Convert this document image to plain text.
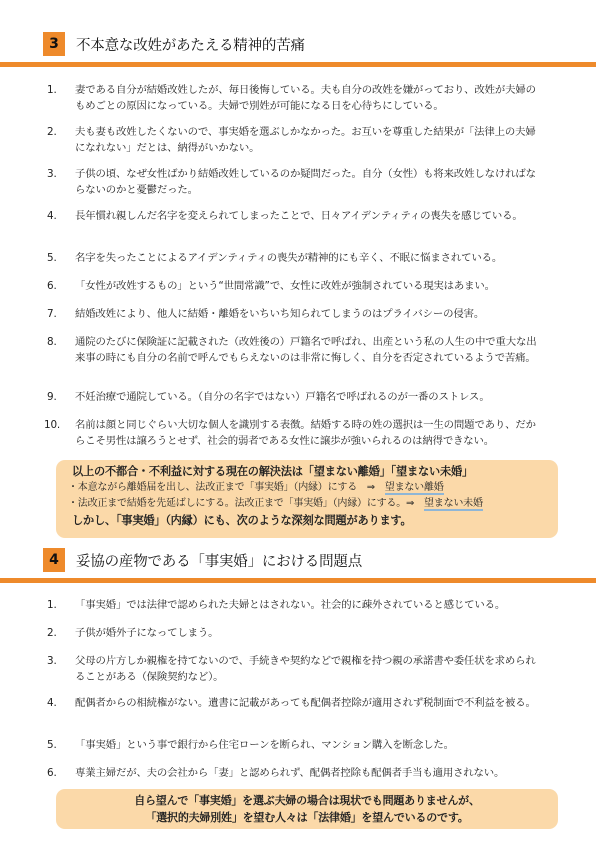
3	不本意な改姓があたえる精神的苦痛
1. 妻である自分が結婚改姓したが、毎日後悔している。夫も自分の改姓を嫌がっており、改姓が夫婦のもめごとの原因になっている。夫婦で別姓が可能になる日を心待ちにしている。
2. 夫も妻も改姓したくないので、事実婚を選ぶしかなかった。お互いを尊重した結果が「法律上の夫婦になれない」だとは、納得がいかない。
3. 子供の頃、なぜ女性ばかり結婚改姓しているのか疑問だった。自分（女性）も将来改姓しなければならないのかと憂鬱だった。
4. 長年慣れ親しんだ名字を変えられてしまったことで、日々アイデンティティの喪失を感じている。
5. 名字を失ったことによるアイデンティティの喪失が精神的にも辛く、不眠に悩まされている。
6. 「女性が改姓するもの」という“世間常識”で、女性に改姓が強制されている現実はあまい。
7. 結婚改姓により、他人に結婚・離婚をいちいち知られてしまうのはプライバシーの侵害。
8. 通院のたびに保険証に記載された（改姓後の）戸籍名で呼ばれ、出産という私の人生の中で重大な出来事の時にも自分の名前で呼んでもらえないのは非常に悔しく、自分を否定されているようで苦痛。
9. 不妊治療で通院している。（自分の名字ではない）戸籍名で呼ばれるのが一番のストレス。
10. 名前は顔と同じぐらい大切な個人を識別する表徴。結婚する時の姓の選択は一生の問題であり、だからこそ男性は譲ろうとせず、社会的弱者である女性に譲歩が強いられるのは納得できない。
以上の不都合・不利益に対する現在の解決法は「望まない離婚」「望まない未婚」
・本意ながら離婚届を出し、法改正まで「事実婚」（内縁）にする　⇒　望まない離婚
・法改正まで結婚を先延ばしにする。法改正まで「事実婚」（内縁）にする。⇒　望まない未婚
しかし、「事実婚」（内縁）にも、次のような深刻な問題があります。
4	妥協の産物である「事実婚」における問題点
1. 「事実婚」では法律で認められた夫婦とはされない。社会的に疎外されていると感じている。
2. 子供が婚外子になってしまう。
3. 父母の片方しか親権を持てないので、手続きや契約などで親権を持つ親の承諾書や委任状を求められることがある（保険契約など）。
4. 配偶者からの相続権がない。遺書に記載があっても配偶者控除が適用されず税制面で不利益を被る。
5. 「事実婚」という事で銀行から住宅ローンを断られ、マンション購入を断念した。
6. 専業主婦だが、夫の会社から「妻」と認められず、配偶者控除も配偶者手当も適用されない。
自ら望んで「事実婚」を選ぶ夫婦の場合は現状でも問題ありませんが、
「選択的夫婦別姓」を望む人々は「法律婚」を望んでいるのです。
